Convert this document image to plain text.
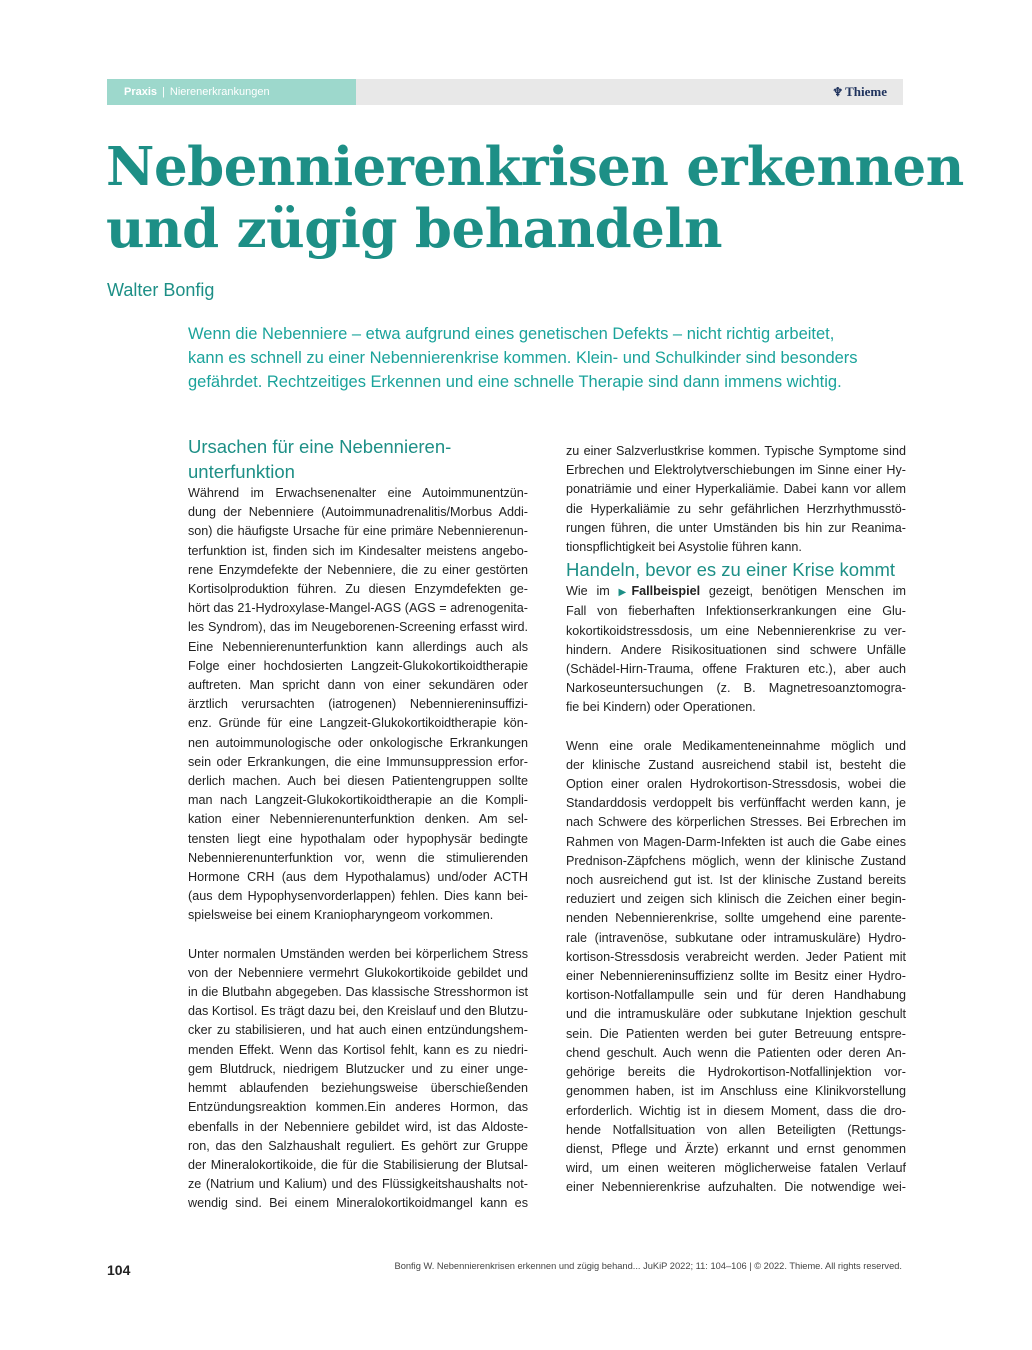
Praxis | Nierenerkrankungen	♆ Thieme
Nebennierenkrisen erkennen
und zügig behandeln
Walter Bonfig
Wenn die Nebenniere – etwa aufgrund eines genetischen Defekts – nicht richtig arbeitet,
kann es schnell zu einer Nebennierenkrise kommen. Klein- und Schulkinder sind besonders
gefährdet. Rechtzeitiges Erkennen und eine schnelle Therapie sind dann immens wichtig.
Ursachen für eine Nebennieren-
unterfunktion
Während im Erwachsenenalter eine Autoimmunentzün-
dung der Nebenniere (Autoimmunadrenalitis/Morbus Addi-
son) die häufigste Ursache für eine primäre Nebennierenun-
terfunktion ist, finden sich im Kindesalter meistens angebo-
rene Enzymdefekte der Nebenniere, die zu einer gestörten
Kortisolproduktion führen. Zu diesen Enzymdefekten ge-
hört das 21-Hydroxylase-Mangel-AGS (AGS = adrenogenita-
les Syndrom), das im Neugeborenen-Screening erfasst wird.
Eine Nebennierenunterfunktion kann allerdings auch als
Folge einer hochdosierten Langzeit-Glukokortikoidtherapie
auftreten. Man spricht dann von einer sekundären oder
ärztlich verursachten (iatrogenen) Nebenniereninsuffizi-
enz. Gründe für eine Langzeit-Glukokortikoidtherapie kön-
nen autoimmunologische oder onkologische Erkrankungen
sein oder Erkrankungen, die eine Immunsuppression erfor-
derlich machen. Auch bei diesen Patientengruppen sollte
man nach Langzeit-Glukokortikoidtherapie an die Kompli-
kation einer Nebennierenunterfunktion denken. Am sel-
tensten liegt eine hypothalam oder hypophysär bedingte
Nebennierenunterfunktion vor, wenn die stimulierenden
Hormone CRH (aus dem Hypothalamus) und/oder ACTH
(aus dem Hypophysenvorderlappen) fehlen. Dies kann bei-
spielsweise bei einem Kraniopharyngeom vorkommen.
Unter normalen Umständen werden bei körperlichem Stress
von der Nebenniere vermehrt Glukokortikoide gebildet und
in die Blutbahn abgegeben. Das klassische Stresshormon ist
das Kortisol. Es trägt dazu bei, den Kreislauf und den Blutzu-
cker zu stabilisieren, und hat auch einen entzündungshem-
menden Effekt. Wenn das Kortisol fehlt, kann es zu niedri-
gem Blutdruck, niedrigem Blutzucker und zu einer unge-
hemmt ablaufenden beziehungsweise überschießenden
Entzündungsreaktion kommen.Ein anderes Hormon, das
ebenfalls in der Nebenniere gebildet wird, ist das Aldoste-
ron, das den Salzhaushalt reguliert. Es gehört zur Gruppe
der Mineralokortikoide, die für die Stabilisierung der Blutsal-
ze (Natrium und Kalium) und des Flüssigkeitshaushalts not-
wendig sind. Bei einem Mineralokortikoidmangel kann es
zu einer Salzverlustkrise kommen. Typische Symptome sind
Erbrechen und Elektrolytverschiebungen im Sinne einer Hy-
ponatriämie und einer Hyperkaliämie. Dabei kann vor allem
die Hyperkaliämie zu sehr gefährlichen Herzrhythmusstö-
rungen führen, die unter Umständen bis hin zur Reanima-
tionspflichtigkeit bei Asystolie führen kann.
Handeln, bevor es zu einer Krise kommt
Wie im ▶Fallbeispiel gezeigt, benötigen Menschen im
Fall von fieberhaften Infektionserkrankungen eine Glu-
kokortikoidstressdosis, um eine Nebennierenkrise zu ver-
hindern. Andere Risikosituationen sind schwere Unfälle
(Schädel-Hirn-Trauma, offene Frakturen etc.), aber auch
Narkoseuntersuchungen (z. B. Magnetresoanztomogra-
fie bei Kindern) oder Operationen.
Wenn eine orale Medikamenteneinnahme möglich und
der klinische Zustand ausreichend stabil ist, besteht die
Option einer oralen Hydrokortison-Stressdosis, wobei die
Standarddosis verdoppelt bis verfünffacht werden kann, je
nach Schwere des körperlichen Stresses. Bei Erbrechen im
Rahmen von Magen-Darm-Infekten ist auch die Gabe eines
Prednison-Zäpfchens möglich, wenn der klinische Zustand
noch ausreichend gut ist. Ist der klinische Zustand bereits
reduziert und zeigen sich klinisch die Zeichen einer begin-
nenden Nebennierenkrise, sollte umgehend eine parente-
rale (intravenöse, subkutane oder intramuskuläre) Hydro-
kortison-Stressdosis verabreicht werden. Jeder Patient mit
einer Nebenniereninsuffizienz sollte im Besitz einer Hydro-
kortison-Notfallampulle sein und für deren Handhabung
und die intramuskuläre oder subkutane Injektion geschult
sein. Die Patienten werden bei guter Betreuung entspre-
chend geschult. Auch wenn die Patienten oder deren An-
gehörige bereits die Hydrokortison-Notfallinjektion vor-
genommen haben, ist im Anschluss eine Klinikvorstellung
erforderlich. Wichtig ist in diesem Moment, dass die dro-
hende Notfallsituation von allen Beteiligten (Rettungs-
dienst, Pflege und Ärzte) erkannt und ernst genommen
wird, um einen weiteren möglicherweise fatalen Verlauf
einer Nebennierenkrise aufzuhalten. Die notwendige wei-
104	Bonfig W. Nebennierenkrisen erkennen und zügig behand... JuKiP 2022; 11: 104–106 | © 2022. Thieme. All rights reserved.
